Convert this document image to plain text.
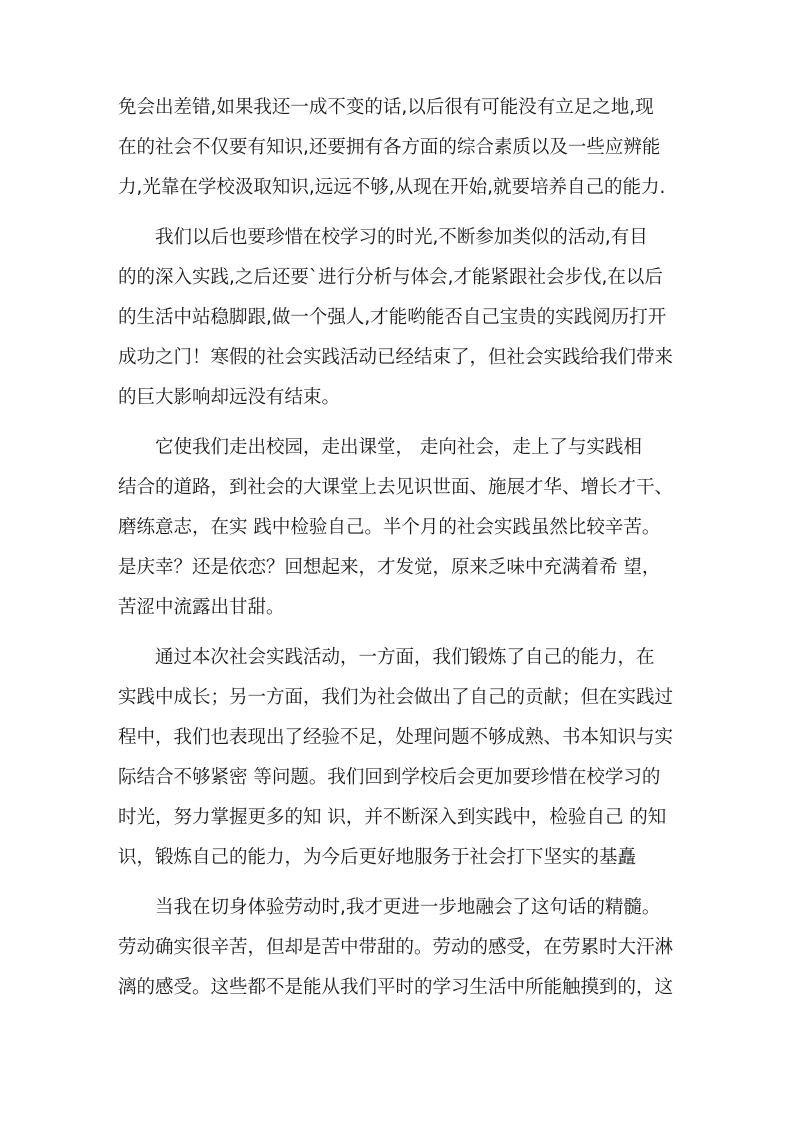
免会出差错,如果我还一成不变的话,以后很有可能没有立足之地,现
在的社会不仅要有知识,还要拥有各方面的综合素质以及一些应辨能
力,光靠在学校汲取知识,远远不够,从现在开始,就要培养自己的能力.
我们以后也要珍惜在校学习的时光,不断参加类似的活动,有目
的的深入实践,之后还要`进行分析与体会,才能紧跟社会步伐,在以后
的生活中站稳脚跟,做一个强人,才能哟能否自己宝贵的实践阅历打开
成功之门！寒假的社会实践活动已经结束了，但社会实践给我们带来
的巨大影响却远没有结束。
它使我们走出校园，走出课堂， 走向社会，走上了与实践相
结合的道路，到社会的大课堂上去见识世面、施展才华、增长才干、
磨练意志，在实 践中检验自己。半个月的社会实践虽然比较辛苦。
是庆幸？还是依恋？回想起来，才发觉，原来乏味中充满着希 望，
苦涩中流露出甘甜。
通过本次社会实践活动，一方面，我们锻炼了自己的能力，在
实践中成长；另一方面，我们为社会做出了自己的贡献；但在实践过
程中，我们也表现出了经验不足，处理问题不够成熟、书本知识与实
际结合不够紧密 等问题。我们回到学校后会更加要珍惜在校学习的
时光，努力掌握更多的知 识，并不断深入到实践中，检验自己 的知
识，锻炼自己的能力，为今后更好地服务于社会打下坚实的基矗
当我在切身体验劳动时,我才更进一步地融会了这句话的精髓。
劳动确实很辛苦，但却是苦中带甜的。劳动的感受，在劳累时大汗淋
漓的感受。这些都不是能从我们平时的学习生活中所能触摸到的，这
